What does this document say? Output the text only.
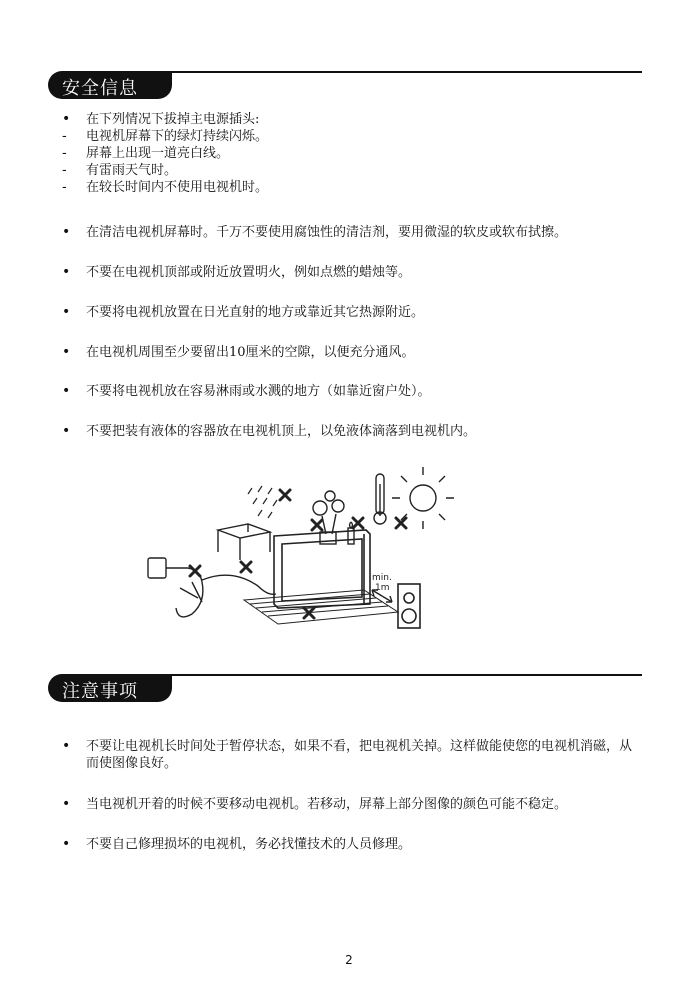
安全信息
•	在下列情况下拔掉主电源插头:
-	电视机屏幕下的绿灯持续闪烁。
-	屏幕上出现一道亮白线。
-	有雷雨天气时。
-	在较长时间内不使用电视机时。
•	在清洁电视机屏幕时。千万不要使用腐蚀性的清洁剂，要用微湿的软皮或软布拭擦。
•	不要在电视机顶部或附近放置明火，例如点燃的蜡烛等。
•	不要将电视机放置在日光直射的地方或靠近其它热源附近。
•	在电视机周围至少要留出10厘米的空隙，以便充分通风。
•	不要将电视机放在容易淋雨或水溅的地方（如靠近窗户处）。
•	不要把装有液体的容器放在电视机顶上，以免液体滴落到电视机内。
min.
1m
注意事项
•	不要让电视机长时间处于暂停状态，如果不看，把电视机关掉。这样做能使您的电视机消磁，从而使图像良好。
•	当电视机开着的时候不要移动电视机。若移动，屏幕上部分图像的颜色可能不稳定。
•	不要自己修理损坏的电视机，务必找懂技术的人员修理。
2
